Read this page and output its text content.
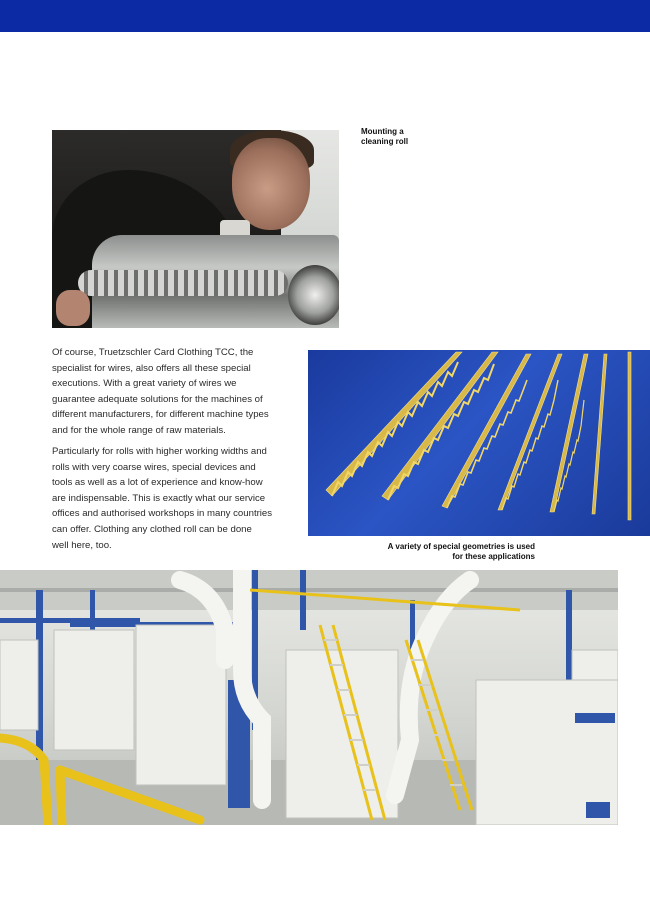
Mounting a
cleaning roll

Of course, Truetzschler Card Clothing TCC, the
specialist for wires, also offers all these special
executions. With a great variety of wires we
guarantee adequate solutions for the machines of
different manufacturers, for different machine types
and for the whole range of raw materials.

Particularly for rolls with higher working widths and
rolls with very coarse wires, special devices and
tools as well as a lot of experience and know-how
are indispensable. This is exactly what our service
offices and authorised workshops in many countries
can offer. Clothing any clothed roll can be done
well here, too.	A variety of special geometries is used
for these applications
